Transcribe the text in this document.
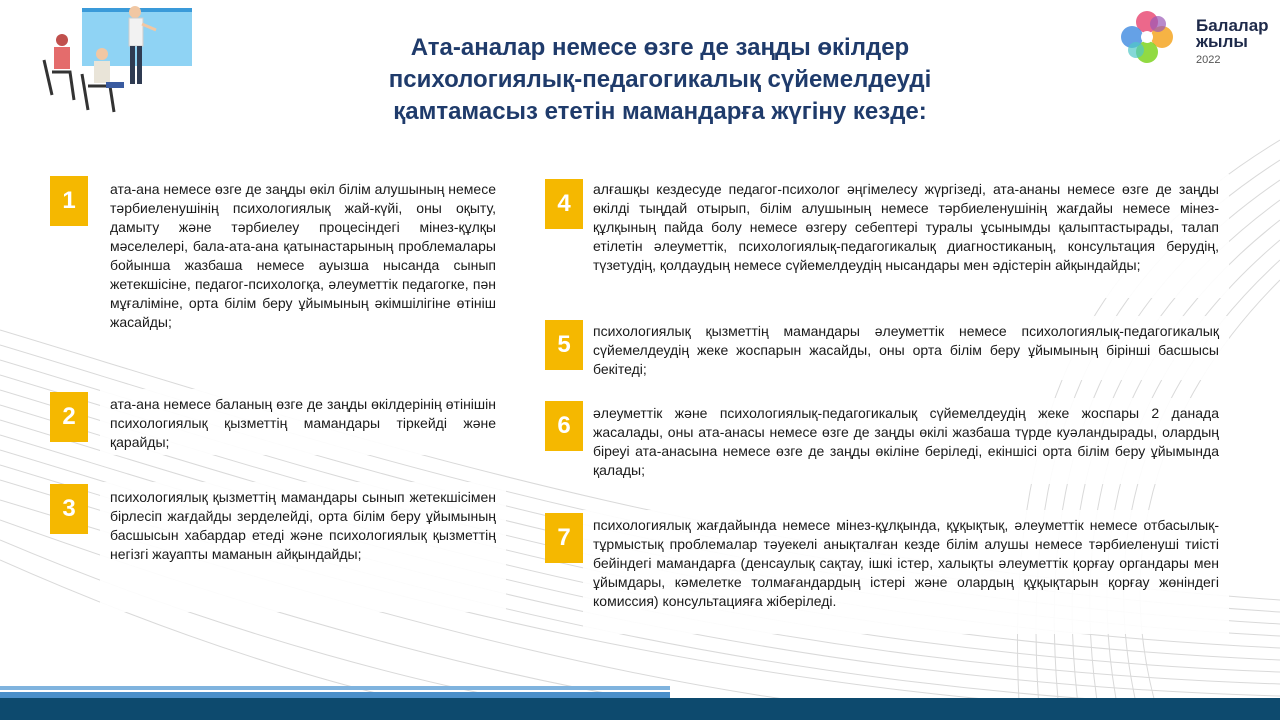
Ата-аналар немесе өзге де заңды өкілдер
психологиялық-педагогикалық сүйемелдеуді
қамтамасыз ететін мамандарға жүгіну кезде:
Балалар
жылы
2022
1	ата-ана немесе өзге де заңды өкіл білім алушының немесе тәрбиеленушінің психологиялық жай-күйі, оны оқыту, дамыту және тәрбиелеу процесіндегі мінез-құлқы мәселелері, бала-ата-ана қатынастарының проблемалары бойынша жазбаша немесе ауызша нысанда сынып жетекшісіне, педагог-психологқа, әлеуметтік педагогке, пән мұғаліміне, орта білім беру ұйымының әкімшілігіне өтініш жасайды;
2	ата-ана немесе баланың өзге де заңды өкілдерінің өтінішін психологиялық қызметтің мамандары тіркейді және қарайды;
3	психологиялық қызметтің мамандары сынып жетекшісімен бірлесіп жағдайды зерделейді, орта білім беру ұйымының басшысын хабардар етеді және психологиялық қызметтің негізгі жауапты маманын айқындайды;
4
алғашқы кездесуде педагог-психолог әңгімелесу жүргізеді, ата-ананы немесе өзге де заңды өкілді тыңдай отырып, білім алушының немесе тәрбиеленушінің жағдайы немесе мінез-құлқының пайда болу немесе өзгеру себептері туралы ұсынымды қалыптастырады, талап етілетін әлеуметтік, психологиялық-педагогикалық диагностиканың, консультация берудің, түзетудің, қолдаудың немесе сүйемелдеудің нысандары мен әдістерін айқындайды;
5	психологиялық қызметтің мамандары әлеуметтік немесе психологиялық-педагогикалық сүйемелдеудің жеке жоспарын жасайды, оны орта білім беру ұйымының бірінші басшысы бекітеді;
6	әлеуметтік және психологиялық-педагогикалық сүйемелдеудің жеке жоспары 2 данада жасалады, оны ата-анасы немесе өзге де заңды өкілі жазбаша түрде куәландырады, олардың біреуі ата-анасына немесе өзге де заңды өкіліне беріледі, екіншісі орта білім беру ұйымында қалады;
7	психологиялық жағдайында немесе мінез-құлқында, құқықтық, әлеуметтік немесе отбасылық-тұрмыстық проблемалар тәуекелі анықталған кезде білім алушы немесе тәрбиеленуші тиісті бейіндегі мамандарға (денсаулық сақтау, ішкі істер, халықты әлеуметтік қорғау органдары мен ұйымдары, кәмелетке толмағандардың істері және олардың құқықтарын қорғау жөніндегі комиссия) консультацияға жіберіледі.
